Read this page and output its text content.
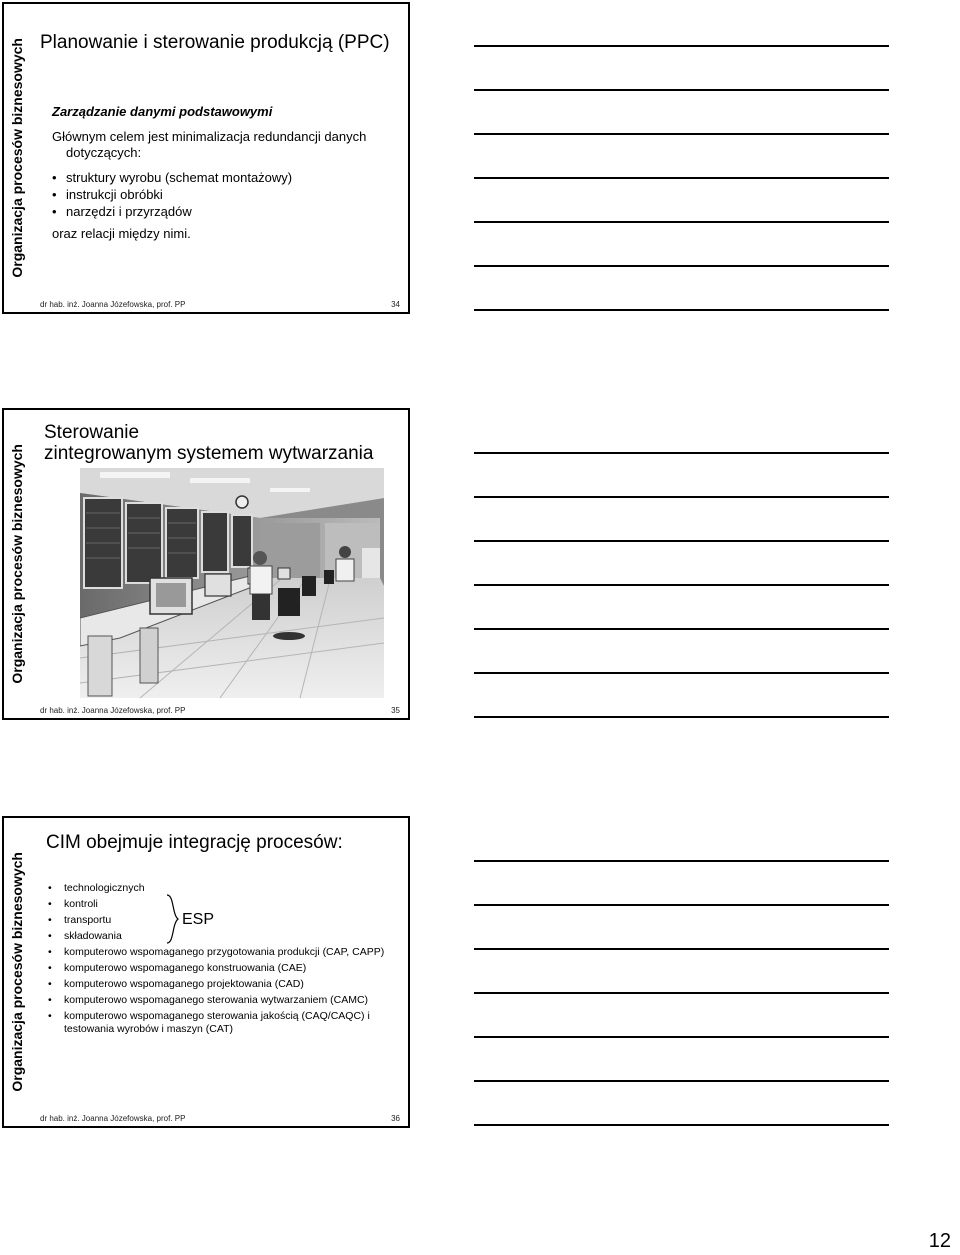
Organizacja procesów biznesowych Planowanie i sterowanie produkcją (PPC)

Zarządzanie danymi podstawowymi

Głównym celem jest minimalizacja redundancji danych

dotyczących:

• struktury wyrobu (schemat montażowy)
• instrukcji obróbki
• narzędzi i przyrządów

oraz relacji między nimi.

dr hab. inż. Joanna Józefowska, prof. PP	34
Organizacja procesów biznesowych
Sterowanie
zintegrowanym systemem wytwarzania
dr hab. inż. Joanna Józefowska, prof. PP	35
Organizacja procesów biznesowych
CIM obejmuje integrację procesów:
• technologicznych
• kontroli
• transportu
• składowania
• komputerowo wspomaganego przygotowania produkcji (CAP, CAPP)
• komputerowo wspomaganego konstruowania (CAE)
• komputerowo wspomaganego projektowania (CAD)
• komputerowo wspomaganego sterowania wytwarzaniem (CAMC)
• komputerowo wspomaganego sterowania jakością (CAQ/CAQC) i testowania wyrobów i maszyn (CAT)
ESP
dr hab. inż. Joanna Józefowska, prof. PP	36
12
